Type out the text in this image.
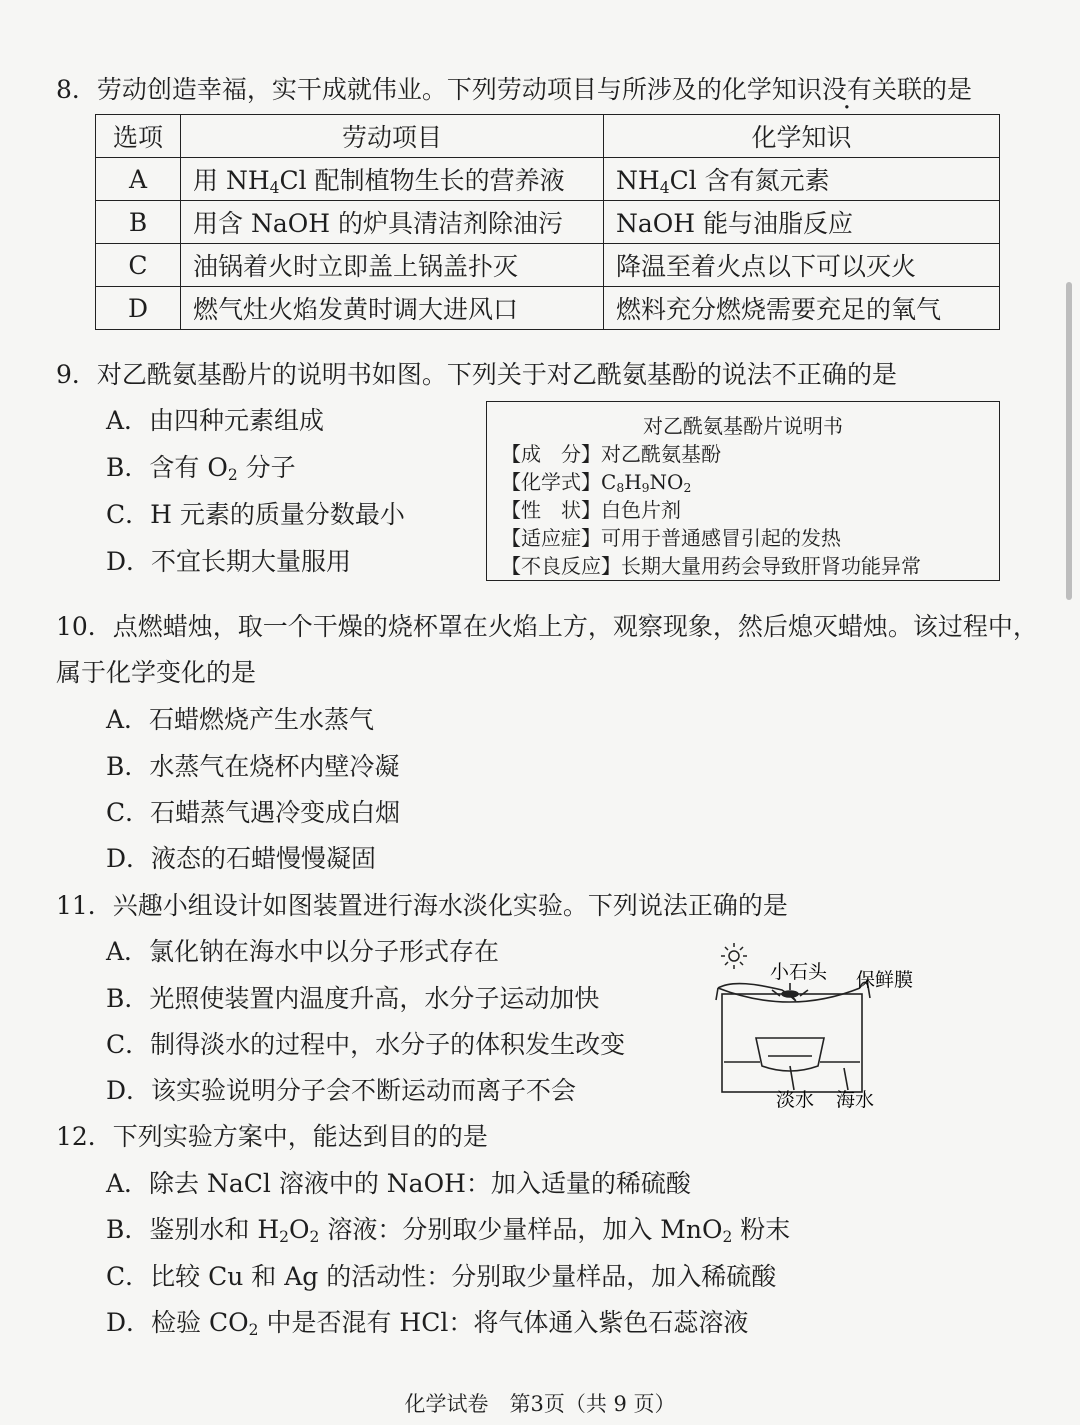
8．劳动创造幸福，实干成就伟业。下列劳动项目与所涉及的化学知识没有关联的是
选项	劳动项目	化学知识
A	用 $NH_4Cl$ 配制植物生长的营养液	$NH_4Cl$ 含有氮元素
B	用含 NaOH 的炉具清洁剂除油污	NaOH 能与油脂反应
C	油锅着火时立即盖上锅盖扑灭	降温至着火点以下可以灭火
D	燃气灶火焰发黄时调大进风口	燃料充分燃烧需要充足的氧气
9．对乙酰氨基酚片的说明书如图。下列关于对乙酰氨基酚的说法不正确的是
A．由四种元素组成
B．含有 $O_2$ 分子
C．H 元素的质量分数最小
D．不宜长期大量服用
对乙酰氨基酚片说明书
【成　分】对乙酰氨基酚
【化学式】$C_8H_9NO_2$
【性　状】白色片剂
【适应症】可用于普通感冒引起的发热
【不良反应】长期大量用药会导致肝肾功能异常
10．点燃蜡烛，取一个干燥的烧杯罩在火焰上方，观察现象，然后熄灭蜡烛。该过程中，
属于化学变化的是
A．石蜡燃烧产生水蒸气
B．水蒸气在烧杯内壁冷凝
C．石蜡蒸气遇冷变成白烟
D．液态的石蜡慢慢凝固
11．兴趣小组设计如图装置进行海水淡化实验。下列说法正确的是
A．氯化钠在海水中以分子形式存在
B．光照使装置内温度升高，水分子运动加快
C．制得淡水的过程中，水分子的体积发生改变
D．该实验说明分子会不断运动而离子不会
小石头 保鲜膜
淡水 海水
12．下列实验方案中，能达到目的的是
A．除去 NaCl 溶液中的 NaOH：加入适量的稀硫酸
B．鉴别水和 $H_2O_2$ 溶液：分别取少量样品，加入 MnO$_2$ 粉末
C．比较 Cu 和 Ag 的活动性：分别取少量样品，加入稀硫酸
D．检验 $CO_2$ 中是否混有 HCl：将气体通入紫色石蕊溶液
化学试卷　第3页（共 9 页）
